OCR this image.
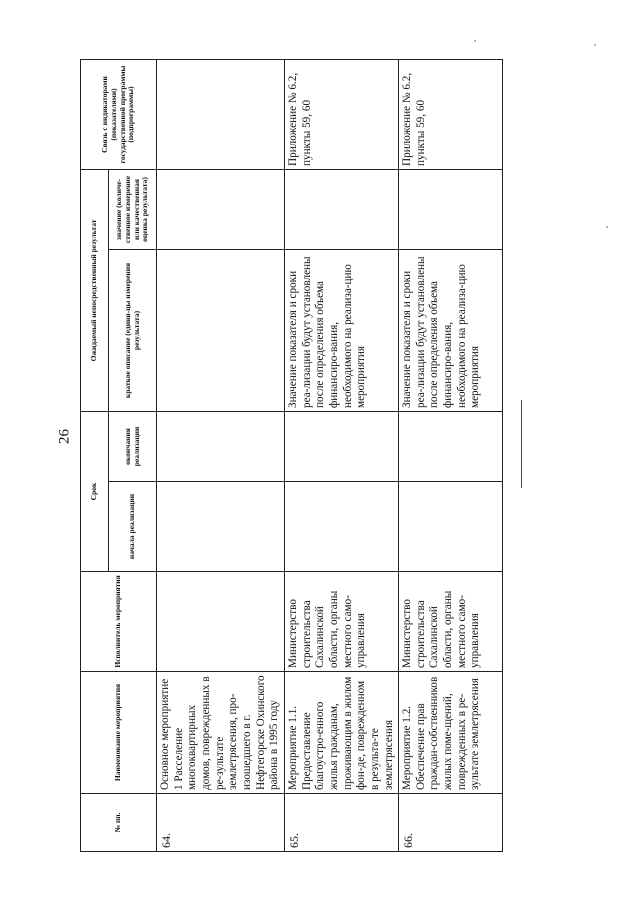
26
№ пп.	Наименование мероприятия	Исполнитель мероприятия	Срок		Ожидаемый непосредственный результат		Связь с индикаторами (показателями) государственной программы (подпрограммы)
			начала реализации	окончания реализации	краткое описание (едини-цы измерения результата)	значение (количе-ственное измерение или качественная оценка результата)	
64.	Основное мероприятие 1 Расселение многоквартирных домов, поврежденных в ре-зультате землетрясения, про-изошедшего в г. Нефтегорске Охинского района в 1995 году						
65.	Мероприятие 1.1. Предоставление благоустро-енного жилья гражданам, проживающим в жилом фон-де, поврежденном в результа-те землетрясения	Министерство строительства Сахалинской области, органы местного само-управления			Значение показателя и сроки реа-лизации будут установлены после определения объема финансиро-вания, необходимого на реализа-цию мероприятия		Приложение № 6.2, пункты 59, 60
66.	Мероприятие 1.2. Обеспечение прав граждан-собственников жилых поме-щений, поврежденных в ре-зультате землетрясения	Министерство строительства Сахалинской области, органы местного само-управления			Значение показателя и сроки реа-лизации будут установлены после определения объема финансиро-вания, необходимого на реализа-цию мероприятия		Приложение № 6.2, пункты 59, 60
